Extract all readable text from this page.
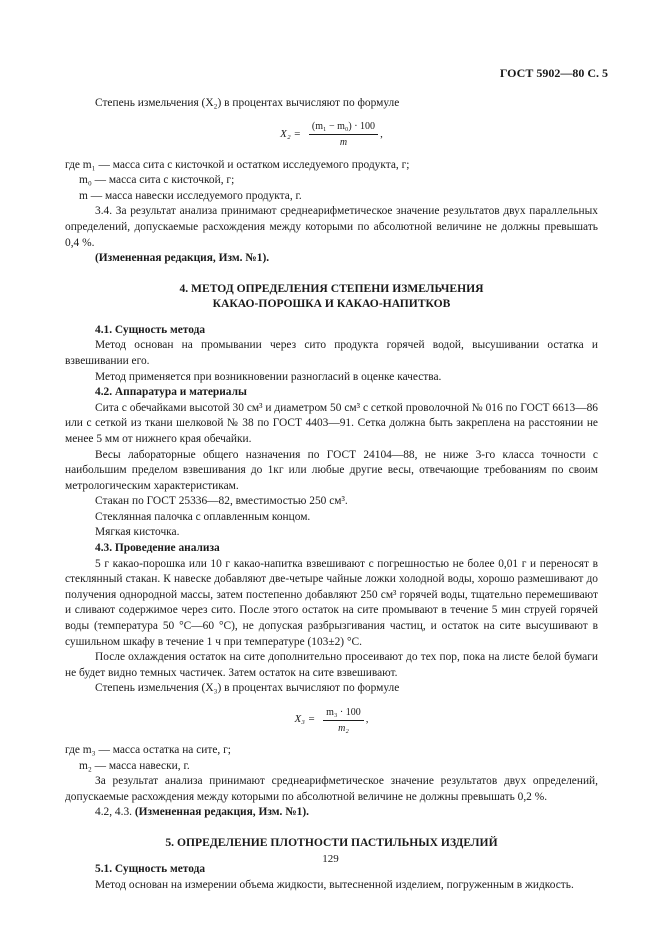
ГОСТ 5902—80 С. 5

Степень измельчения (X₂) в процентах вычисляют по формуле

$X_2 = \frac{\text{(m₁ − m₀) · 100}}{m}$ ,
где m₁ — масса сита с кисточкой и остатком исследуемого продукта, г;
m₀ — масса сита с кисточкой, г;
m — масса навески исследуемого продукта, г.

3.4. За результат анализа принимают среднеарифметическое значение результатов двух параллельных определений, допускаемые расхождения между которыми по абсолютной величине не должны превышать 0,4 %.

(Измененная редакция, Изм. №1).

4. МЕТОД ОПРЕДЕЛЕНИЯ СТЕПЕНИ ИЗМЕЛЬЧЕНИЯ
КАКАО-ПОРОШКА И КАКАО-НАПИТКОВ

4.1. Сущность метода

Метод основан на промывании через сито продукта горячей водой, высушивании остатка и взвешивании его.

Метод применяется при возникновении разногласий в оценке качества.

4.2. Аппаратура и материалы

Сита с обечайками высотой 30 см³ и диаметром 50 см³ с сеткой проволочной № 016 по ГОСТ 6613—86 или с сеткой из ткани шелковой № 38 по ГОСТ 4403—91. Сетка должна быть закреплена на расстоянии не менее 5 мм от нижнего края обечайки.

Весы лабораторные общего назначения по ГОСТ 24104—88, не ниже 3-го класса точности с наибольшим пределом взвешивания до 1кг или любые другие весы, отвечающие требованиям по своим метрологическим характеристикам.

Стакан по ГОСТ 25336—82, вместимостью 250 см³.

Стеклянная палочка с оплавленным концом.

Мягкая кисточка.

4.3. Проведение анализа

5 г какао-порошка или 10 г какао-напитка взвешивают с погрешностью не более 0,01 г и переносят в стеклянный стакан. К навеске добавляют две-четыре чайные ложки холодной воды, хорошо размешивают до получения однородной массы, затем постепенно добавляют 250 см³ горячей воды, тщательно перемешивают и сливают содержимое через сито. После этого остаток на сите промывают в течение 5 мин струей горячей воды (температура 50 °С—60 °С), не допуская разбрызгивания частиц, и остаток на сите высушивают в сушильном шкафу в течение 1 ч при температуре (103±2) °С.

После охлаждения остаток на сите дополнительно просеивают до тех пор, пока на листе белой бумаги не будет видно темных частичек. Затем остаток на сите взвешивают.

Степень измельчения (X₃) в процентах вычисляют по формуле

$X_3 = \frac{\text{m₃ · 100}}{\text{m₂}}$ ,
где m₃ — масса остатка на сите, г;
m₂ — масса навески, г.

За результат анализа принимают среднеарифметическое значение результатов двух определений, допускаемые расхождения между которыми по абсолютной величине не должны превышать 0,2 %.

4.2, 4.3. (Измененная редакция, Изм. №1).

5. ОПРЕДЕЛЕНИЕ ПЛОТНОСТИ ПАСТИЛЬНЫХ ИЗДЕЛИЙ

5.1. Сущность метода

Метод основан на измерении объема жидкости, вытесненной изделием, погруженным в жидкость.

129
